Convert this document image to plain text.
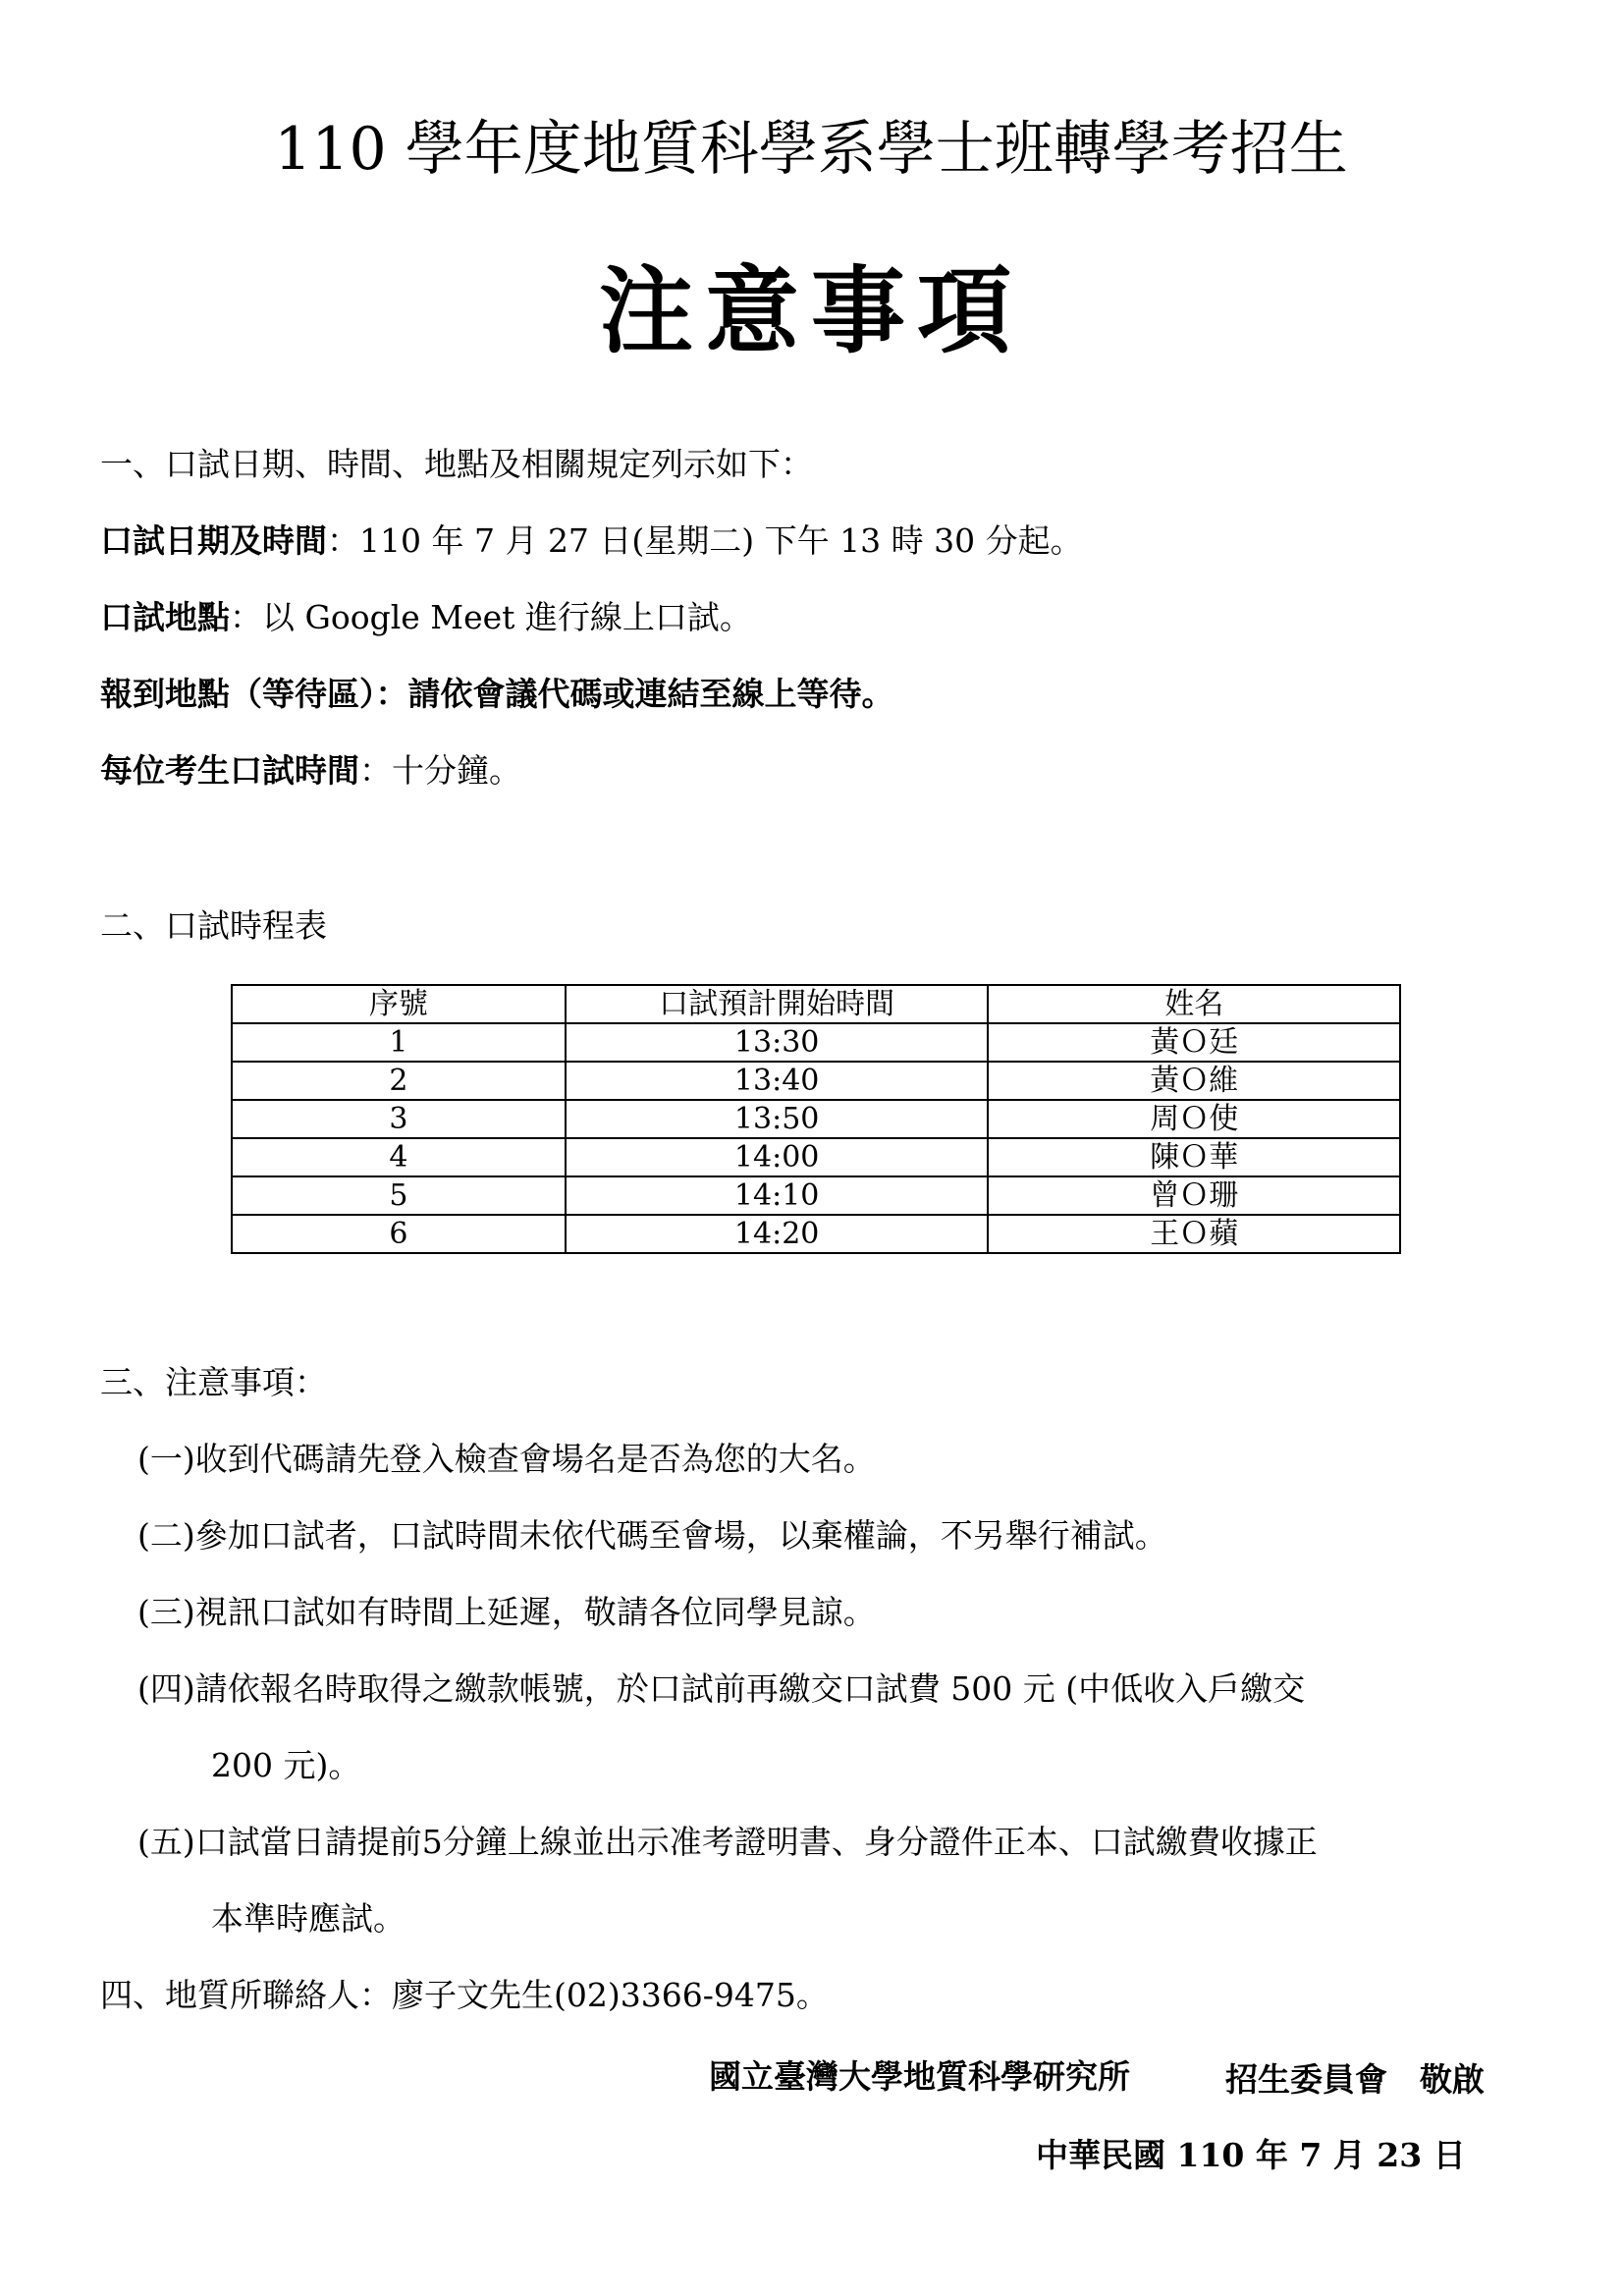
110 學年度地質科學系學士班轉學考招生
注意事項
一、口試日期、時間、地點及相關規定列示如下：
口試日期及時間：110 年 7 月 27 日(星期二) 下午 13 時 30 分起。
口試地點：以 Google Meet 進行線上口試。
報到地點（等待區）：請依會議代碼或連結至線上等待。
每位考生口試時間：十分鐘。
二、口試時程表
序號	口試預計開始時間	姓名
1	13:30	黃Ｏ廷
2	13:40	黃Ｏ維
3	13:50	周Ｏ使
4	14:00	陳Ｏ華
5	14:10	曾Ｏ珊
6	14:20	王Ｏ蘋
三、注意事項：
(一)收到代碼請先登入檢查會場名是否為您的大名。
(二)參加口試者，口試時間未依代碼至會場，以棄權論，不另舉行補試。
(三)視訊口試如有時間上延遲，敬請各位同學見諒。
(四)請依報名時取得之繳款帳號，於口試前再繳交口試費 500 元 (中低收入戶繳交
200 元)。
(五)口試當日請提前5分鐘上線並出示准考證明書、身分證件正本、口試繳費收據正
本準時應試。
四、地質所聯絡人：廖子文先生(02)3366-9475。
國立臺灣大學地質科學研究所	招生委員會　敬啟
中華民國 110 年 7 月 23 日
